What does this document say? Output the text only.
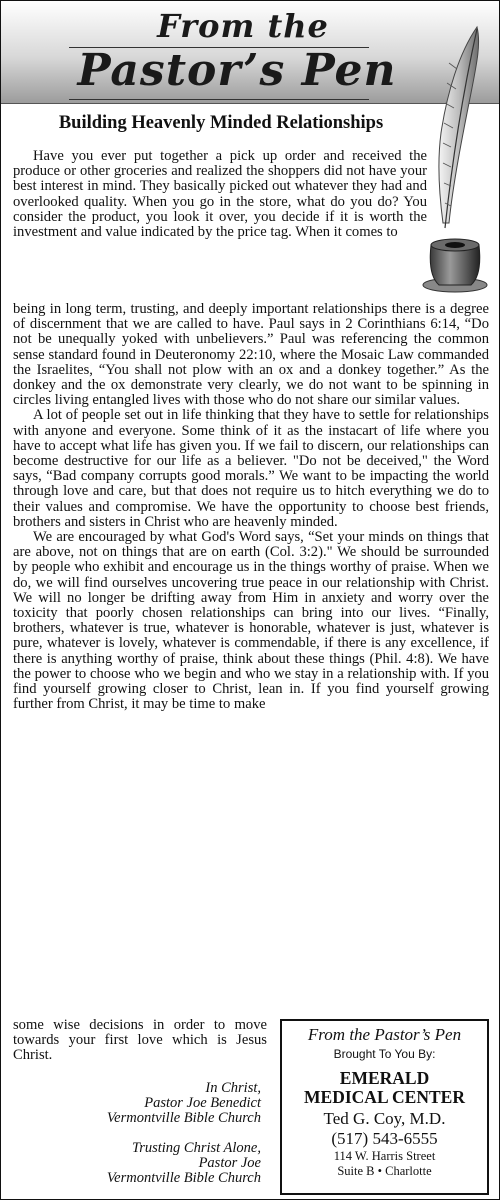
From the
Pastor’s Pen
Building Heavenly Minded Relationships

Have you ever put together a pick up order and received the produce or other groceries and realized the shoppers did not have your best interest in mind. They basically picked out whatever they had and overlooked quality. When you go in the store, what do you do? You consider the product, you look it over, you decide if it is worth the investment and value indicated by the price tag. When it comes to

being in long term, trusting, and deeply important relationships there is a degree of discernment that we are called to have. Paul says in 2 Corinthians 6:14, “Do not be unequally yoked with unbelievers.” Paul was referencing the common sense standard found in Deuteronomy 22:10, where the Mosaic Law commanded the Israelites, “You shall not plow with an ox and a donkey together.” As the donkey and the ox demonstrate very clearly, we do not want to be spinning in circles living entangled lives with those who do not share our similar values.

A lot of people set out in life thinking that they have to settle for relationships with anyone and everyone. Some think of it as the instacart of life where you have to accept what life has given you. If we fail to discern, our relationships can become destructive for our life as a believer. "Do not be deceived," the Word says, “Bad company corrupts good morals.” We want to be impacting the world through love and care, but that does not require us to hitch everything we do to their values and compromise. We have the opportunity to choose best friends, brothers and sisters in Christ who are heavenly minded.

We are encouraged by what God's Word says, “Set your minds on things that are above, not on things that are on earth (Col. 3:2)." We should be surrounded by people who exhibit and encourage us in the things worthy of praise. When we do, we will find ourselves uncovering true peace in our relationship with Christ. We will no longer be drifting away from Him in anxiety and worry over the toxicity that poorly chosen relationships can bring into our lives. “Finally, brothers, whatever is true, whatever is honorable, whatever is just, whatever is pure, whatever is lovely, whatever is commendable, if there is any excellence, if there is anything worthy of praise, think about these things (Phil. 4:8). We have the power to choose who we begin and who we stay in a relationship with. If you find yourself growing closer to Christ, lean in. If you find yourself growing further from Christ, it may be time to make

some wise decisions in order to move towards your first love which is Jesus Christ.

In Christ,
Pastor Joe Benedict
Vermontville Bible Church
Trusting Christ Alone,
Pastor Joe
Vermontville Bible Church
From the Pastor’s Pen
Brought To You By:
EMERALD
MEDICAL CENTER
Ted G. Coy, M.D.
(517) 543-6555
114 W. Harris Street
Suite B • Charlotte
